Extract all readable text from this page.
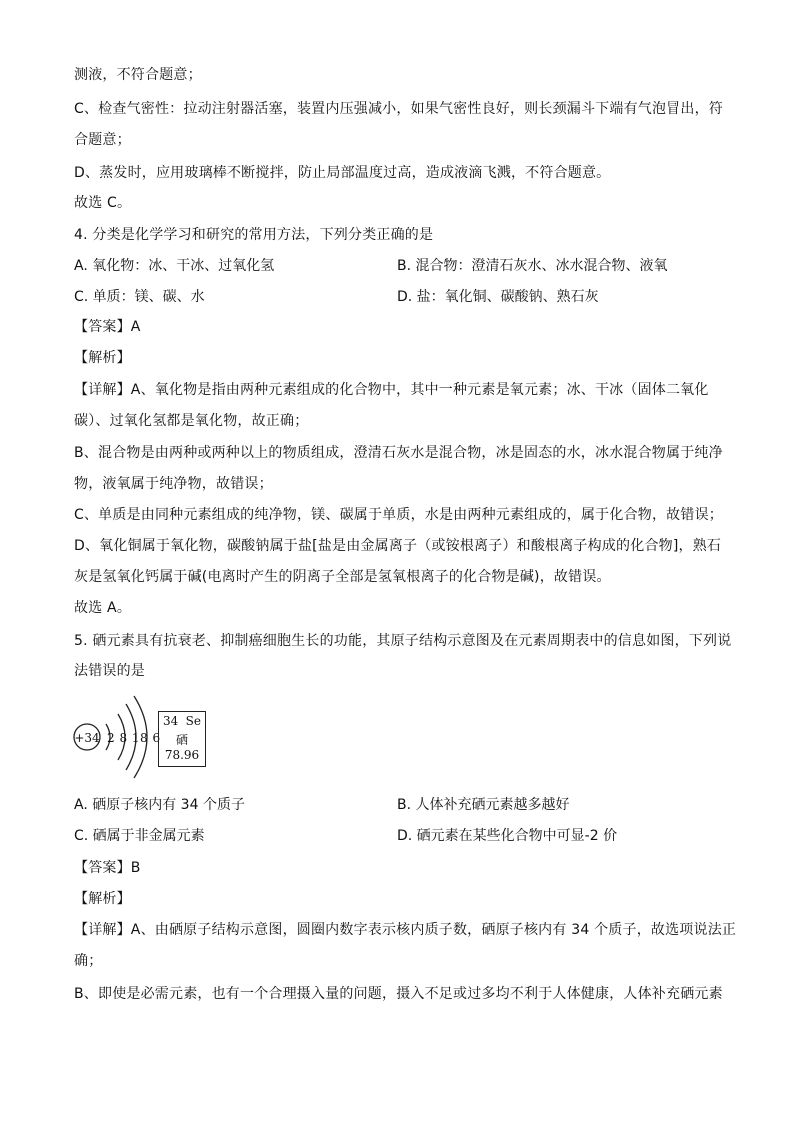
测液，不符合题意；
C、检查气密性：拉动注射器活塞，装置内压强减小，如果气密性良好，则长颈漏斗下端有气泡冒出，符
合题意；
D、蒸发时，应用玻璃棒不断搅拌，防止局部温度过高，造成液滴飞溅，不符合题意。
故选 C。
4. 分类是化学学习和研究的常用方法，下列分类正确的是
A. 氧化物：冰、干冰、过氧化氢	B. 混合物：澄清石灰水、冰水混合物、液氧
C. 单质：镁、碳、水	D. 盐：氧化铜、碳酸钠、熟石灰
【答案】A
【解析】
【详解】A、氧化物是指由两种元素组成的化合物中，其中一种元素是氧元素；冰、干冰（固体二氧化
碳）、过氧化氢都是氧化物，故正确；
B、混合物是由两种或两种以上的物质组成，澄清石灰水是混合物，冰是固态的水，冰水混合物属于纯净
物，液氧属于纯净物，故错误；
C、单质是由同种元素组成的纯净物，镁、碳属于单质，水是由两种元素组成的，属于化合物，故错误；
D、氧化铜属于氧化物，碳酸钠属于盐[盐是由金属离子（或铵根离子）和酸根离子构成的化合物]，熟石
灰是氢氧化钙属于碱(电离时产生的阴离子全部是氢氧根离子的化合物是碱)，故错误。
故选 A。
5. 硒元素具有抗衰老、抑制癌细胞生长的功能，其原子结构示意图及在元素周期表中的信息如图，下列说
法错误的是
+34 2 8 18 6
34 Se
硒
78.96
A. 硒原子核内有 34 个质子	B. 人体补充硒元素越多越好
C. 硒属于非金属元素	D. 硒元素在某些化合物中可显-2 价
【答案】B
【解析】
【详解】A、由硒原子结构示意图，圆圈内数字表示核内质子数，硒原子核内有 34 个质子，故选项说法正
确；
B、即使是必需元素，也有一个合理摄入量的问题，摄入不足或过多均不利于人体健康，人体补充硒元素
